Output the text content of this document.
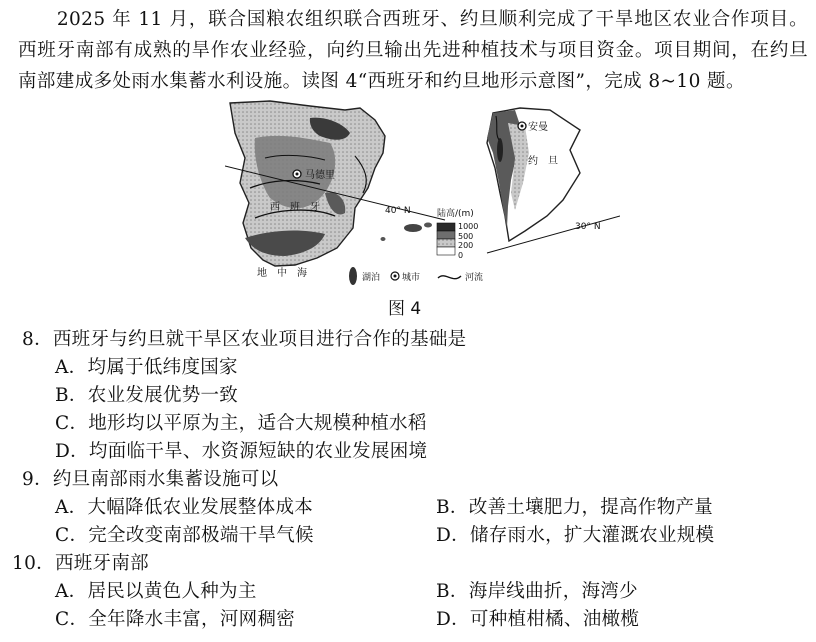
2025 年 11 月，联合国粮农组织联合西班牙、约旦顺利完成了干旱地区农业合作项目。西班牙南部有成熟的旱作农业经验，向约旦输出先进种植技术与项目资金。项目期间，在约旦南部建成多处雨水集蓄水利设施。读图 4“西班牙和约旦地形示意图”，完成 8~10 题。
马德里
西　班　牙	40° N
地　中　海
陆高/(m)
1000
500
200
0
湖泊 城市	河流
安曼
约　旦
30° N
图 4
8．西班牙与约旦就干旱区农业项目进行合作的基础是
A．均属于低纬度国家
B．农业发展优势一致
C．地形均以平原为主，适合大规模种植水稻
D．均面临干旱、水资源短缺的农业发展困境
9．约旦南部雨水集蓄设施可以
A．大幅降低农业发展整体成本	B．改善土壤肥力，提高作物产量
C．完全改变南部极端干旱气候	D．储存雨水，扩大灌溉农业规模
10．西班牙南部
A．居民以黄色人种为主	B．海岸线曲折，海湾少
C．全年降水丰富，河网稠密	D．可种植柑橘、油橄榄
